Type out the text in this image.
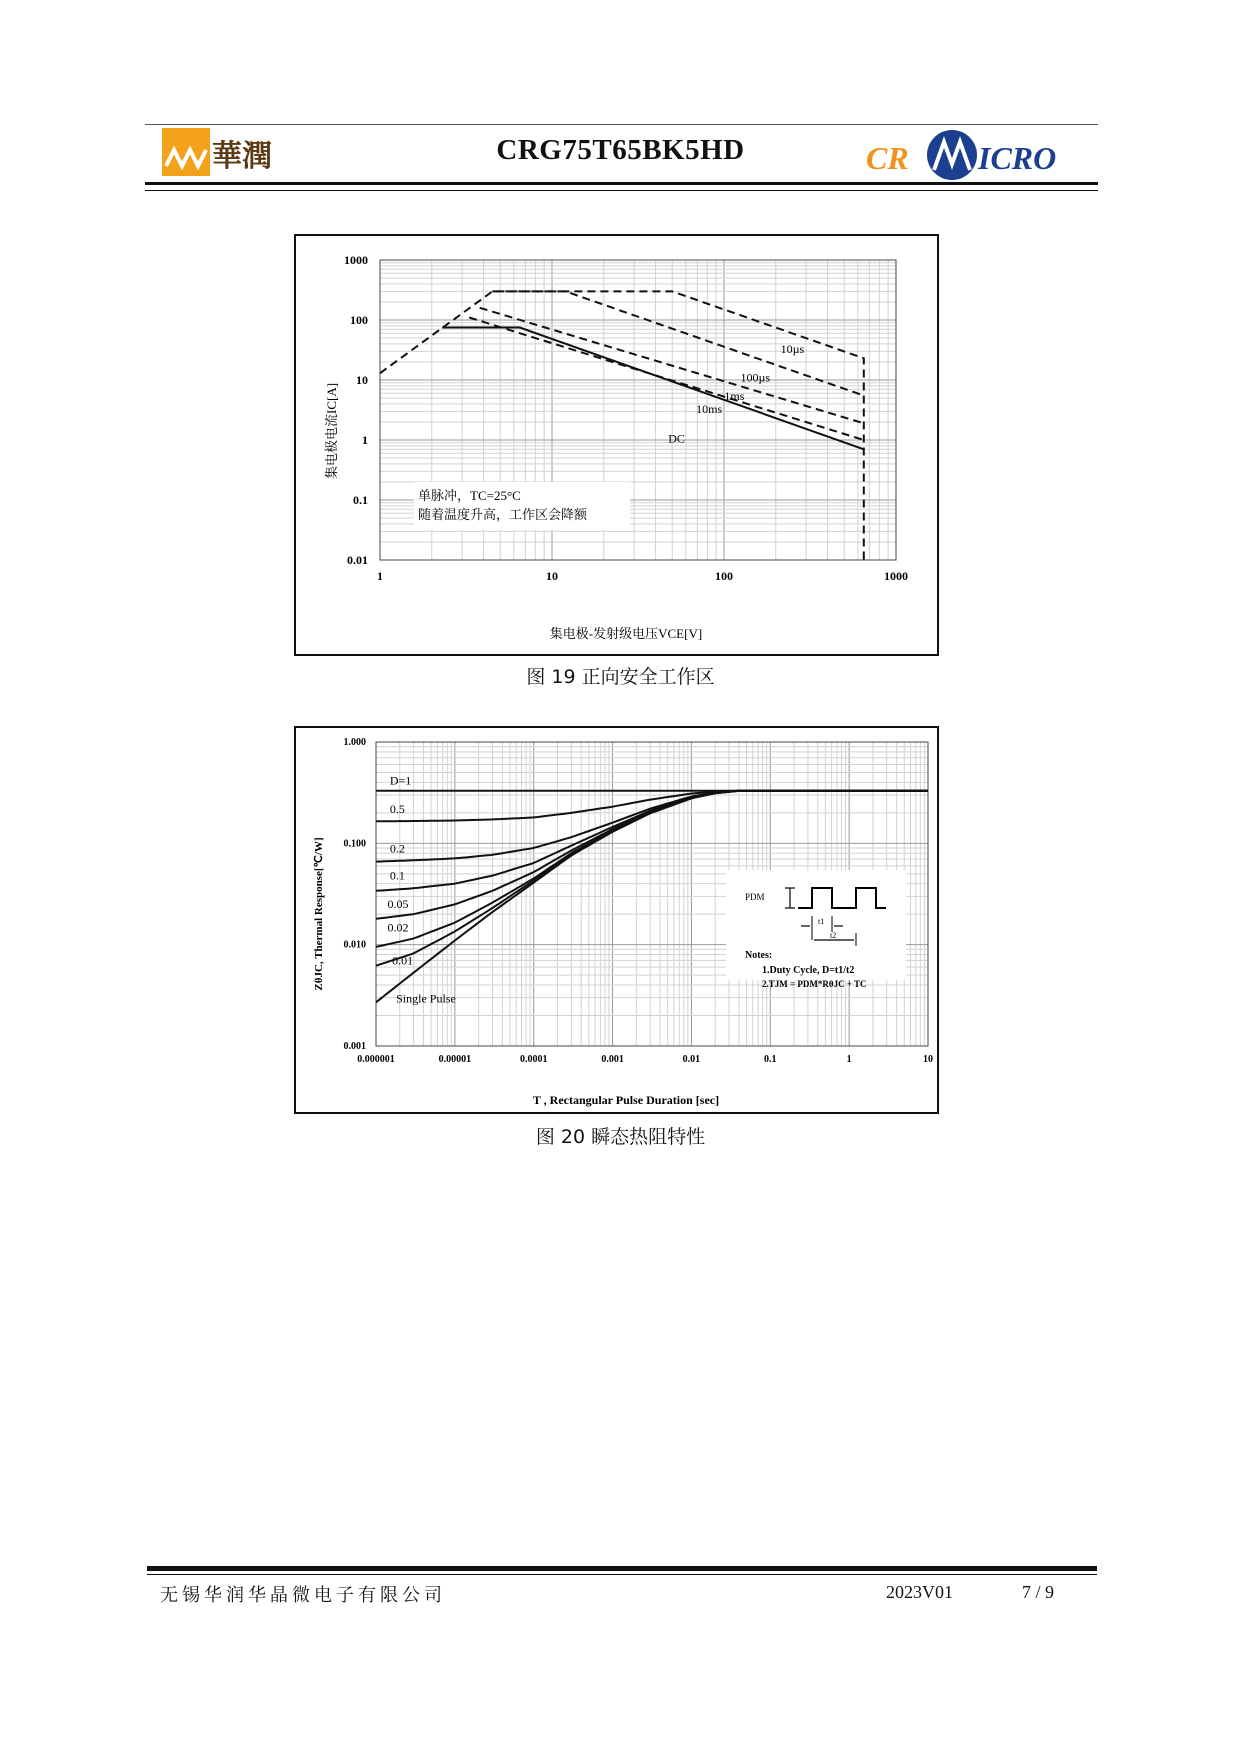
華潤	CRG75T65BK5HD	CR ICRO
1	10	100	1000
1000
100
10
1
0.1
0.01
10µs
100µs
1ms
10ms
DC
单脉冲，TC=25°C
随着温度升高，工作区会降额
集电极-发射级电压VCE[V]
集电极电流IC[A]
图 19 正向安全工作区
0.000001	0.00001	0.0001	0.001	0.01	0.1	1	10
1.000
0.100
0.010
0.001
D=1
0.5
0.2
0.1
0.05
0.02
0.01
Single Pulse
PDM
t1
t2
Notes:
1.Duty Cycle, D=t1/t2
2.TJM = PDM*RθJC + TC
T , Rectangular Pulse Duration [sec]
ZθJC, Thermal Response[℃/W]
图 20 瞬态热阻特性
无锡华润华晶微电子有限公司	2023V01	7 / 9
